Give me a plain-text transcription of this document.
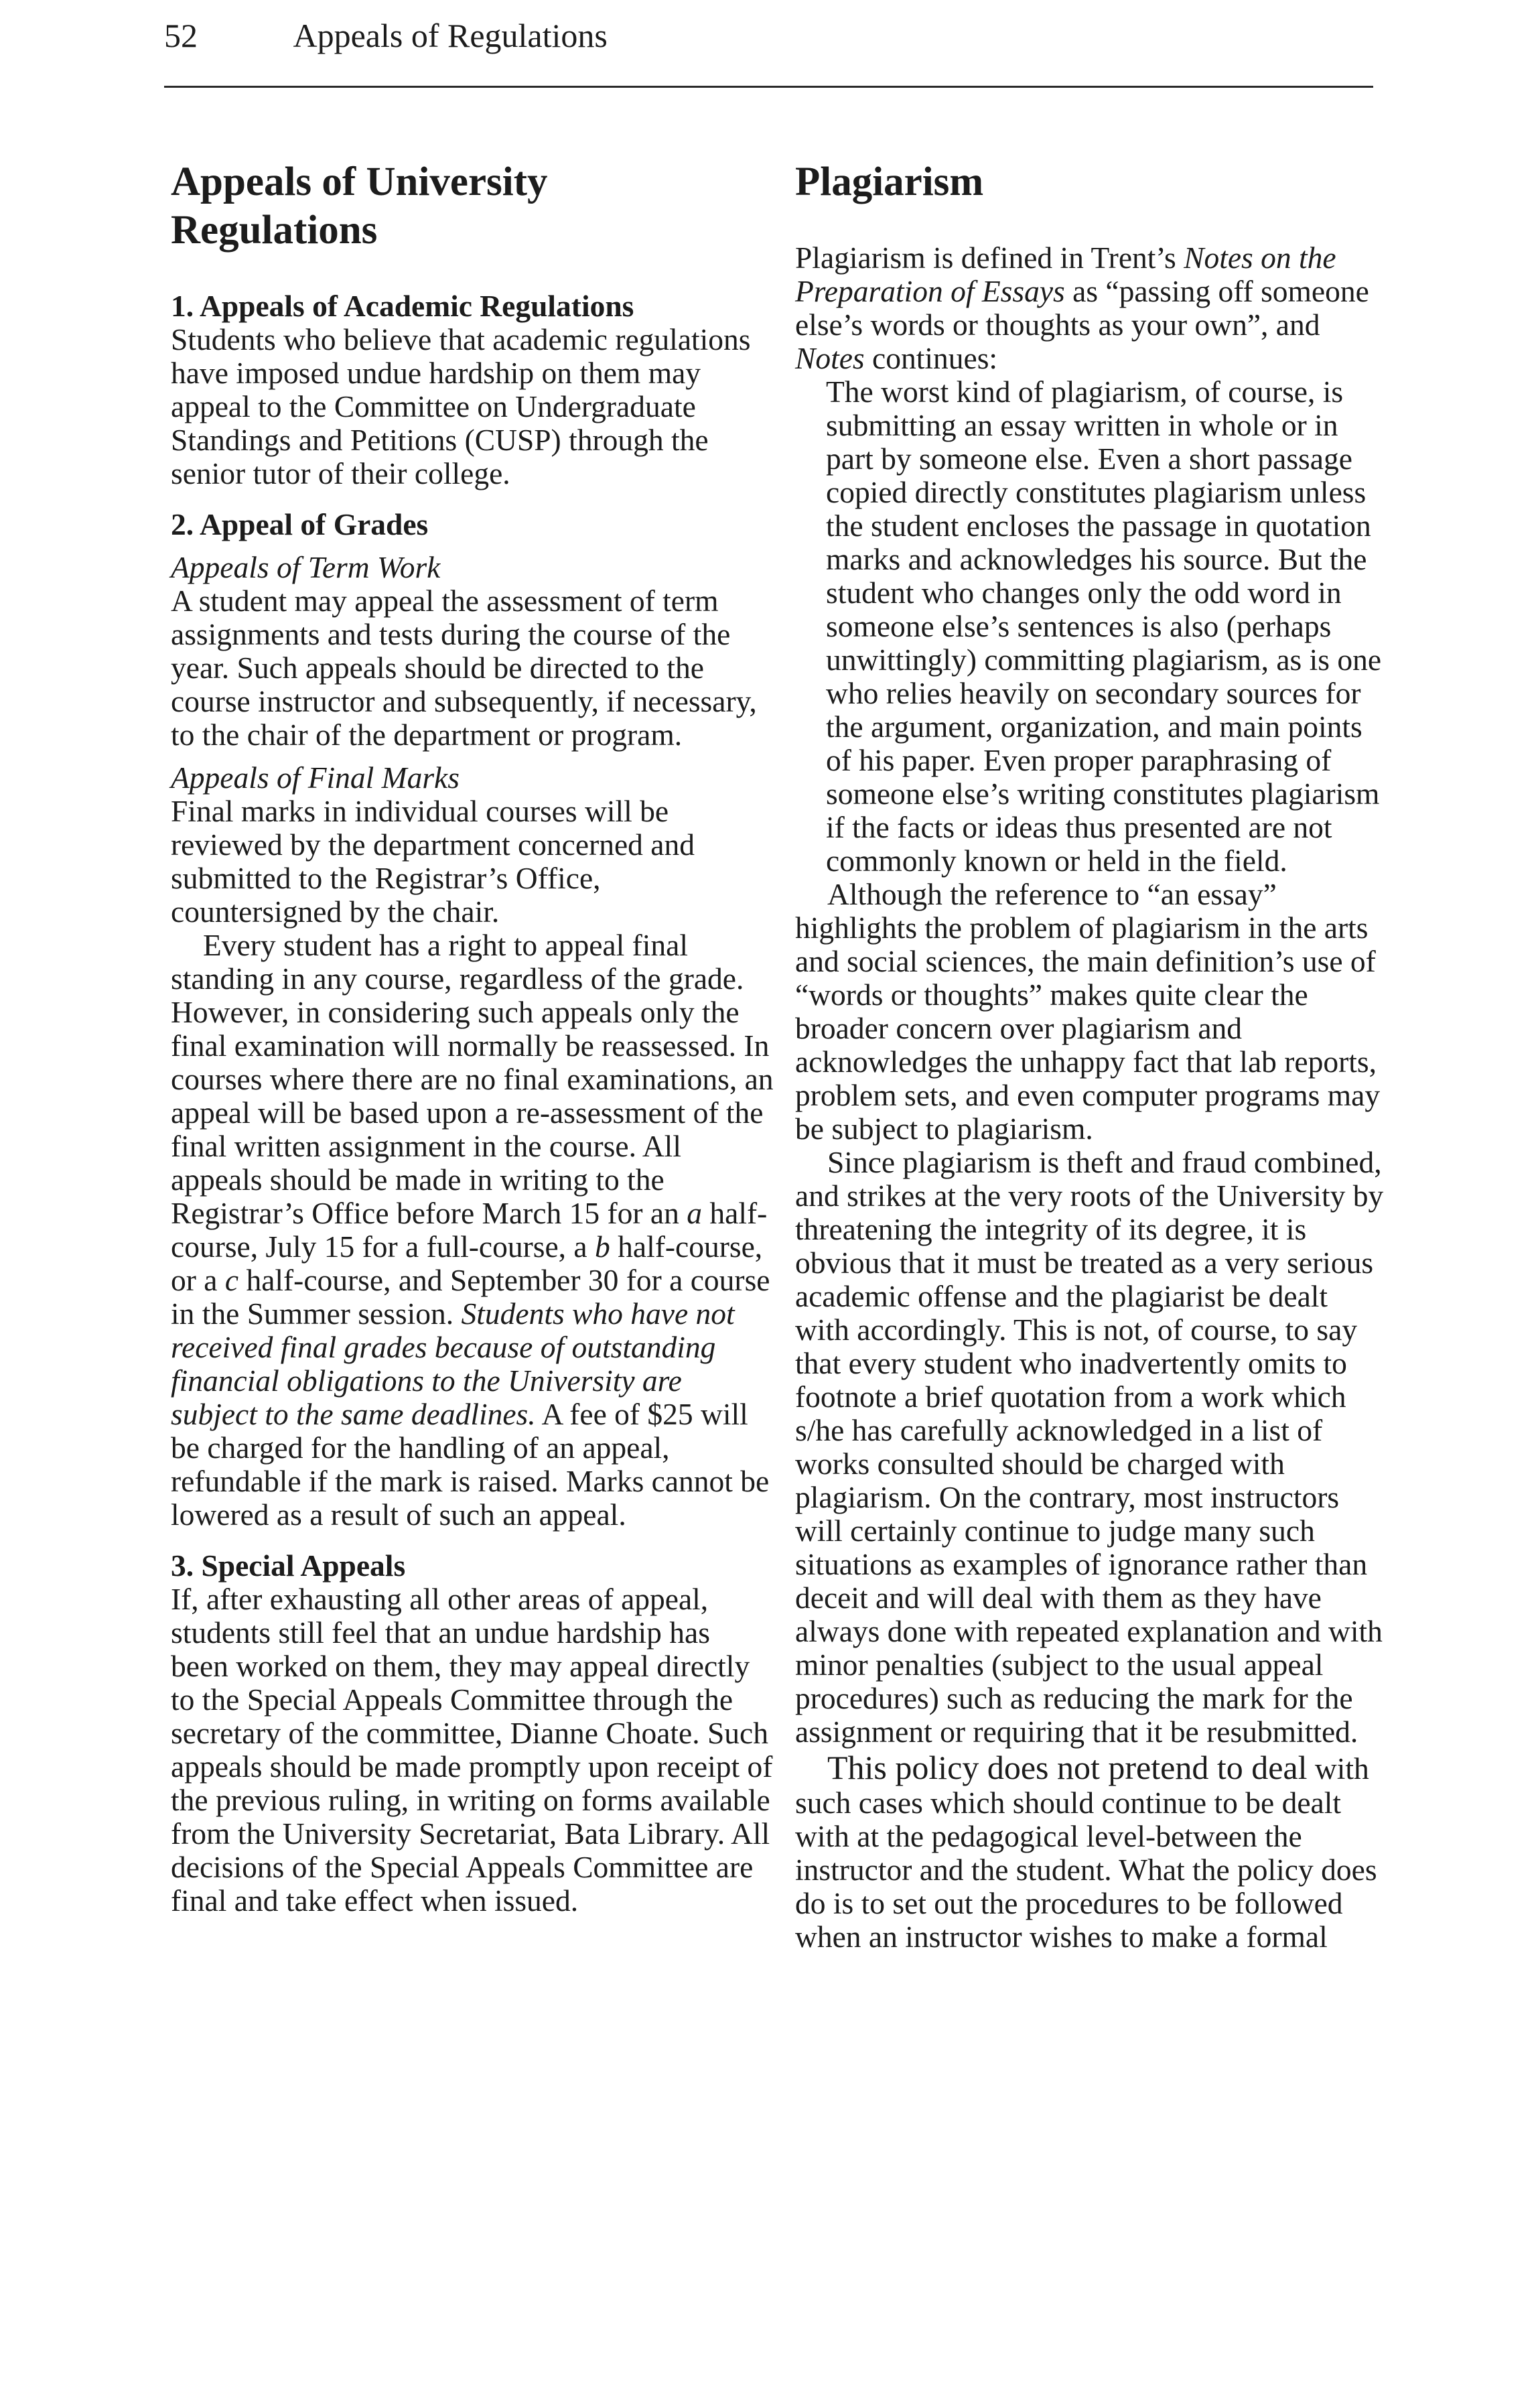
52	Appeals of Regulations
Appeals of University
Regulations
1. Appeals of Academic Regulations

Students who believe that academic regulations have imposed undue hardship on them may appeal to the Committee on Undergraduate Standings and Petitions (CUSP) through the senior tutor of their college.

2. Appeal of Grades

Appeals of Term Work

A student may appeal the assessment of term assignments and tests during the course of the year. Such appeals should be directed to the course instructor and subsequently, if necessary, to the chair of the department or program.

Appeals of Final Marks

Final marks in individual courses will be reviewed by the department concerned and submitted to the Registrar’s Office, countersigned by the chair.

Every student has a right to appeal final standing in any course, regardless of the grade. However, in considering such appeals only the final examination will normally be reassessed. In courses where there are no final examinations, an appeal will be based upon a re-assessment of the final written assignment in the course. All appeals should be made in writing to the Registrar’s Office before March 15 for an a half-course, July 15 for a full-course, a b half-course, or a c half-course, and September 30 for a course in the Summer session. Students who have not received final grades because of outstanding financial obligations to the University are subject to the same deadlines. A fee of $25 will be charged for the handling of an appeal, refundable if the mark is raised. Marks cannot be lowered as a result of such an appeal.

3. Special Appeals

If, after exhausting all other areas of appeal, students still feel that an undue hardship has been worked on them, they may appeal directly to the Special Appeals Committee through the secretary of the committee, Dianne Choate. Such appeals should be made promptly upon receipt of the previous ruling, in writing on forms available from the University Secretariat, Bata Library. All decisions of the Special Appeals Committee are final and take effect when issued.

Plagiarism

Plagiarism is defined in Trent’s Notes on the Preparation of Essays as “passing off someone else’s words or thoughts as your own”, and Notes continues:

The worst kind of plagiarism, of course, is submitting an essay written in whole or in part by someone else. Even a short passage copied directly constitutes plagiarism unless the student encloses the passage in quotation marks and acknowledges his source. But the student who changes only the odd word in someone else’s sentences is also (perhaps unwittingly) committing plagiarism, as is one who relies heavily on secondary sources for the argument, organization, and main points of his paper. Even proper paraphrasing of someone else’s writing constitutes plagiarism if the facts or ideas thus presented are not commonly known or held in the field.

Although the reference to “an essay” highlights the problem of plagiarism in the arts and social sciences, the main definition’s use of “words or thoughts” makes quite clear the broader concern over plagiarism and acknowledges the unhappy fact that lab reports, problem sets, and even computer programs may be subject to plagiarism.

Since plagiarism is theft and fraud combined, and strikes at the very roots of the University by threatening the integrity of its degree, it is obvious that it must be treated as a very serious academic offense and the plagiarist be dealt with accordingly. This is not, of course, to say that every student who inadvertently omits to footnote a brief quotation from a work which s/he has carefully acknowledged in a list of works consulted should be charged with plagiarism. On the contrary, most instructors will certainly continue to judge many such situations as examples of ignorance rather than deceit and will deal with them as they have always done with repeated explanation and with minor penalties (subject to the usual appeal procedures) such as reducing the mark for the assignment or requiring that it be resubmitted.

This policy does not pretend to deal with such cases which should continue to be dealt with at the pedagogical level-between the instructor and the student. What the policy does do is to set out the procedures to be followed when an instructor wishes to make a formal
